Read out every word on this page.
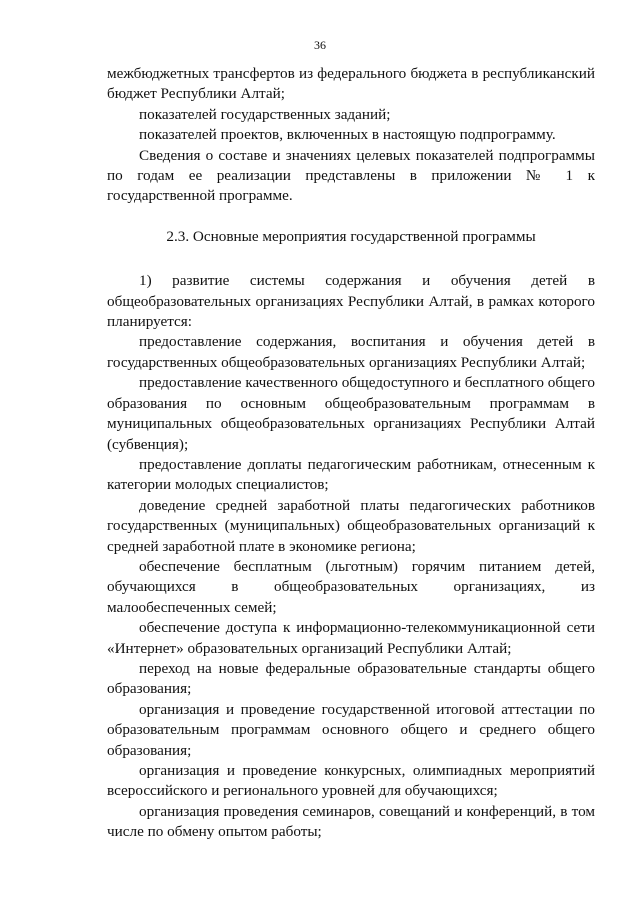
36

межбюджетных трансфертов из федерального бюджета в республиканский бюджет Республики Алтай;

показателей государственных заданий;

показателей проектов, включенных в настоящую подпрограмму.

Сведения о составе и значениях целевых показателей подпрограммы по годам ее реализации представлены в приложении № 1 к государственной программе.

2.3. Основные мероприятия государственной программы

1) развитие системы содержания и обучения детей в общеобразовательных организациях Республики Алтай, в рамках которого планируется:

предоставление содержания, воспитания и обучения детей в государственных общеобразовательных организациях Республики Алтай;

предоставление качественного общедоступного и бесплатного общего образования по основным общеобразовательным программам в муниципальных общеобразовательных организациях Республики Алтай (субвенция);

предоставление доплаты педагогическим работникам, отнесенным к категории молодых специалистов;

доведение средней заработной платы педагогических работников государственных (муниципальных) общеобразовательных организаций к средней заработной плате в экономике региона;

обеспечение бесплатным (льготным) горячим питанием детей, обучающихся в общеобразовательных организациях, из малообеспеченных семей;

обеспечение доступа к информационно-телекоммуникационной сети «Интернет» образовательных организаций Республики Алтай;

переход на новые федеральные образовательные стандарты общего образования;

организация и проведение государственной итоговой аттестации по образовательным программам основного общего и среднего общего образования;

организация и проведение конкурсных, олимпиадных мероприятий всероссийского и регионального уровней для обучающихся;

организация проведения семинаров, совещаний и конференций, в том числе по обмену опытом работы;
